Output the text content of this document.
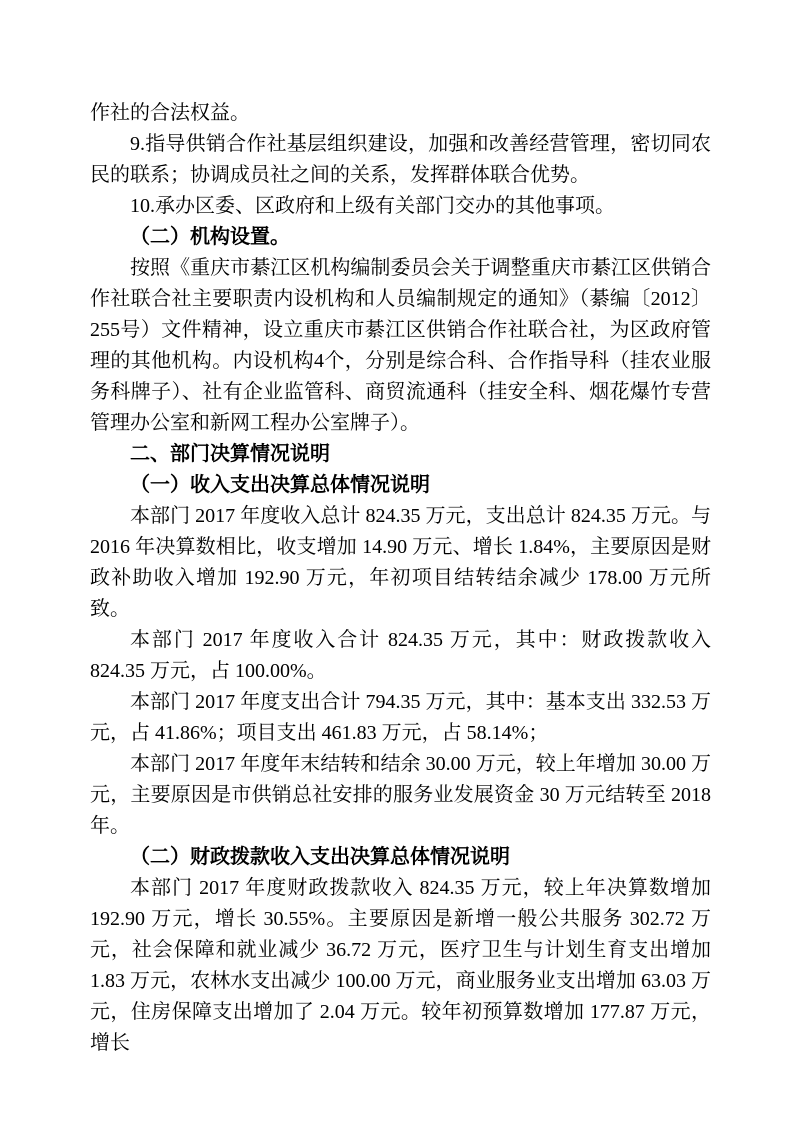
作社的合法权益。

9.指导供销合作社基层组织建设，加强和改善经营管理，密切同农民的联系；协调成员社之间的关系，发挥群体联合优势。

10.承办区委、区政府和上级有关部门交办的其他事项。

（二）机构设置。

按照《重庆市綦江区机构编制委员会关于调整重庆市綦江区供销合作社联合社主要职责内设机构和人员编制规定的通知》（綦编〔2012〕255号）文件精神，设立重庆市綦江区供销合作社联合社，为区政府管理的其他机构。内设机构4个，分别是综合科、合作指导科（挂农业服务科牌子）、社有企业监管科、商贸流通科（挂安全科、烟花爆竹专营管理办公室和新网工程办公室牌子）。

二、部门决算情况说明

（一）收入支出决算总体情况说明

本部门 2017 年度收入总计 824.35 万元，支出总计 824.35 万元。与 2016 年决算数相比，收支增加 14.90 万元、增长 1.84%，主要原因是财政补助收入增加 192.90 万元，年初项目结转结余减少 178.00 万元所致。

本部门 2017 年度收入合计 824.35 万元，其中：财政拨款收入 824.35 万元，占 100.00%。

本部门 2017 年度支出合计 794.35 万元，其中：基本支出 332.53 万元，占 41.86%；项目支出 461.83 万元，占 58.14%；

本部门 2017 年度年末结转和结余 30.00 万元，较上年增加 30.00 万元，主要原因是市供销总社安排的服务业发展资金 30 万元结转至 2018 年。

（二）财政拨款收入支出决算总体情况说明

本部门 2017 年度财政拨款收入 824.35 万元，较上年决算数增加 192.90 万元，增长 30.55%。主要原因是新增一般公共服务 302.72 万元，社会保障和就业减少 36.72 万元，医疗卫生与计划生育支出增加 1.83 万元，农林水支出减少 100.00 万元，商业服务业支出增加 63.03 万元，住房保障支出增加了 2.04 万元。较年初预算数增加 177.87 万元，增长
